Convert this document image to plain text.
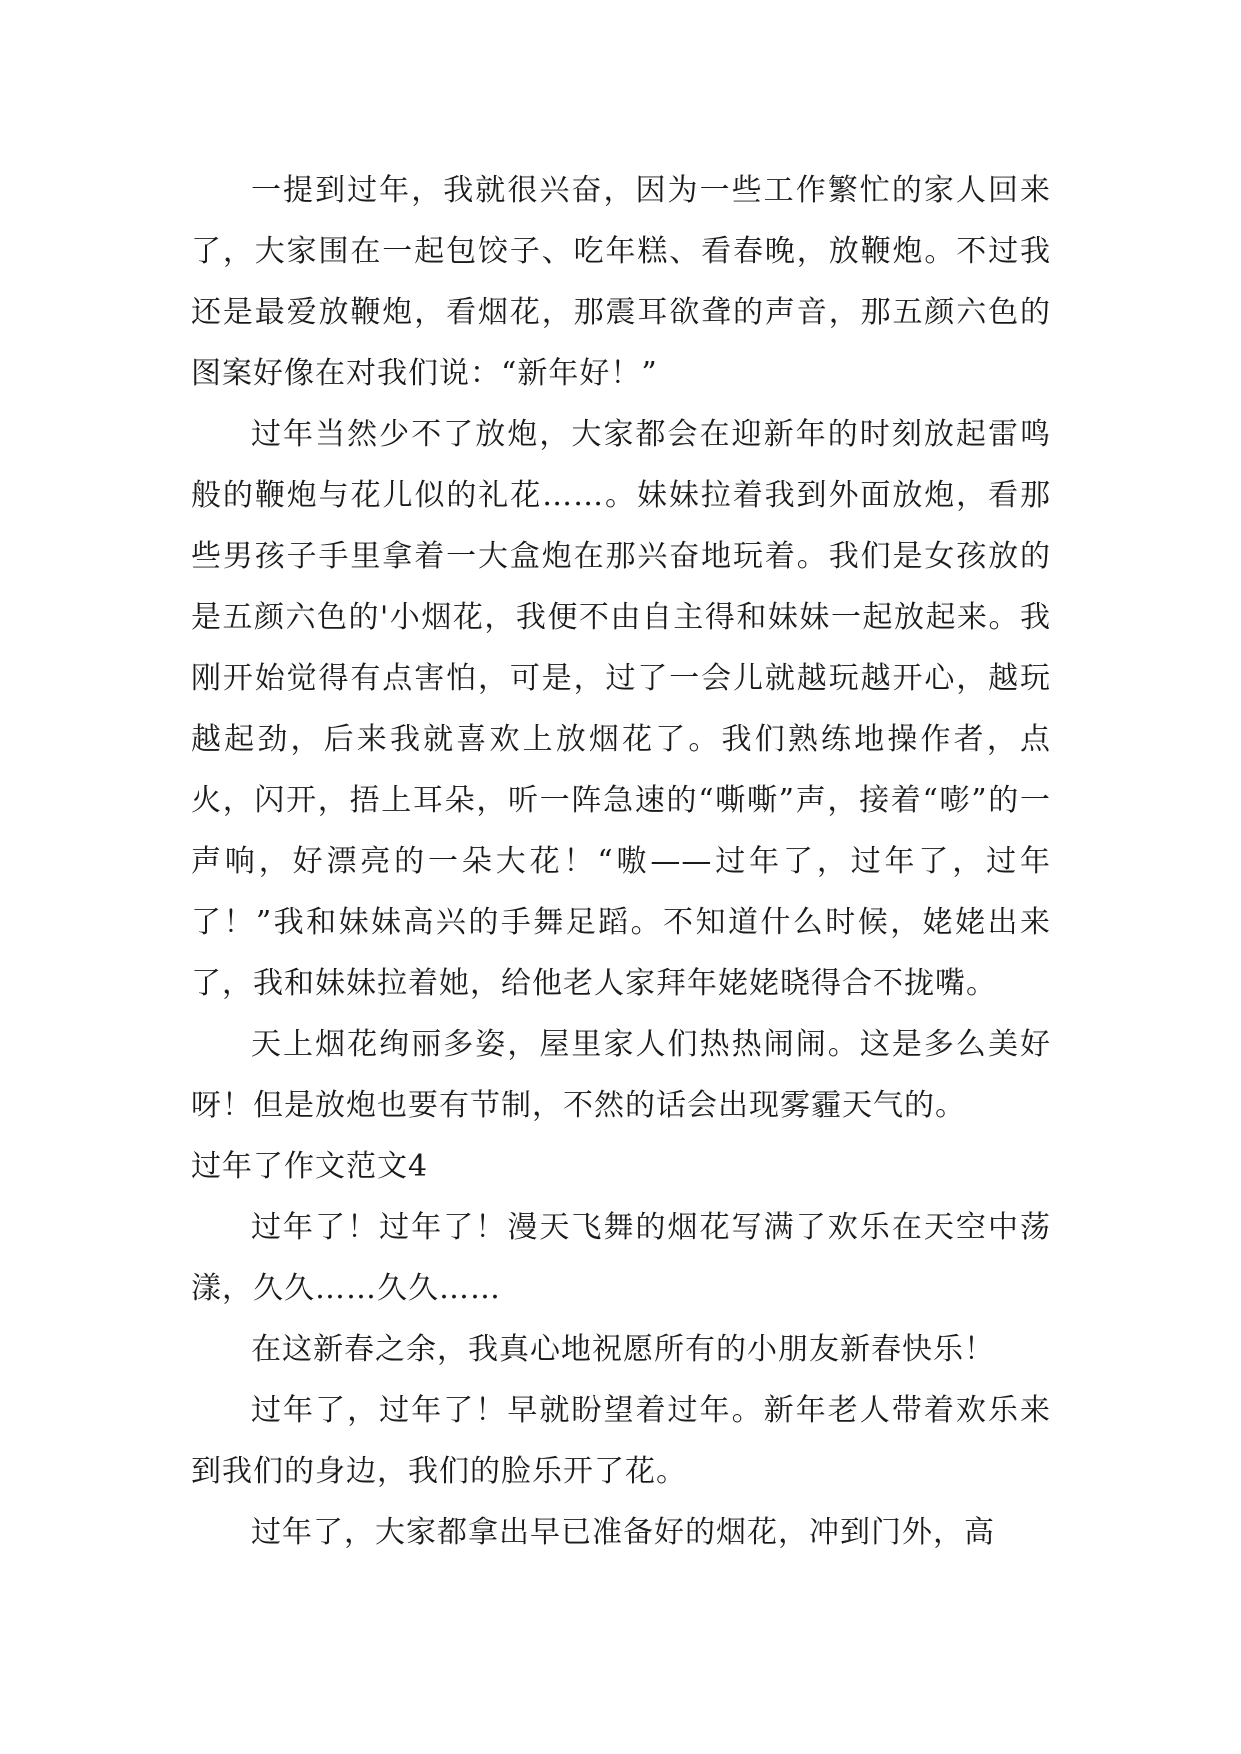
一提到过年，我就很兴奋，因为一些工作繁忙的家人回来了，大家围在一起包饺子、吃年糕、看春晚，放鞭炮。不过我还是最爱放鞭炮，看烟花，那震耳欲聋的声音，那五颜六色的图案好像在对我们说：“新年好！”

过年当然少不了放炮，大家都会在迎新年的时刻放起雷鸣般的鞭炮与花儿似的礼花……。妹妹拉着我到外面放炮，看那些男孩子手里拿着一大盒炮在那兴奋地玩着。我们是女孩放的是五颜六色的'小烟花，我便不由自主得和妹妹一起放起来。我刚开始觉得有点害怕，可是，过了一会儿就越玩越开心，越玩越起劲，后来我就喜欢上放烟花了。我们熟练地操作者，点火，闪开，捂上耳朵，听一阵急速的“嘶嘶”声，接着“嘭”的一声响，好漂亮的一朵大花！“嗷——过年了，过年了，过年了！”我和妹妹高兴的手舞足蹈。不知道什么时候，姥姥出来了，我和妹妹拉着她，给他老人家拜年姥姥晓得合不拢嘴。

天上烟花绚丽多姿，屋里家人们热热闹闹。这是多么美好呀！但是放炮也要有节制，不然的话会出现雾霾天气的。

过年了作文范文4

过年了！过年了！漫天飞舞的烟花写满了欢乐在天空中荡漾，久久……久久……

在这新春之余，我真心地祝愿所有的小朋友新春快乐！

过年了，过年了！早就盼望着过年。新年老人带着欢乐来到我们的身边，我们的脸乐开了花。

过年了，大家都拿出早已准备好的烟花，冲到门外，高
